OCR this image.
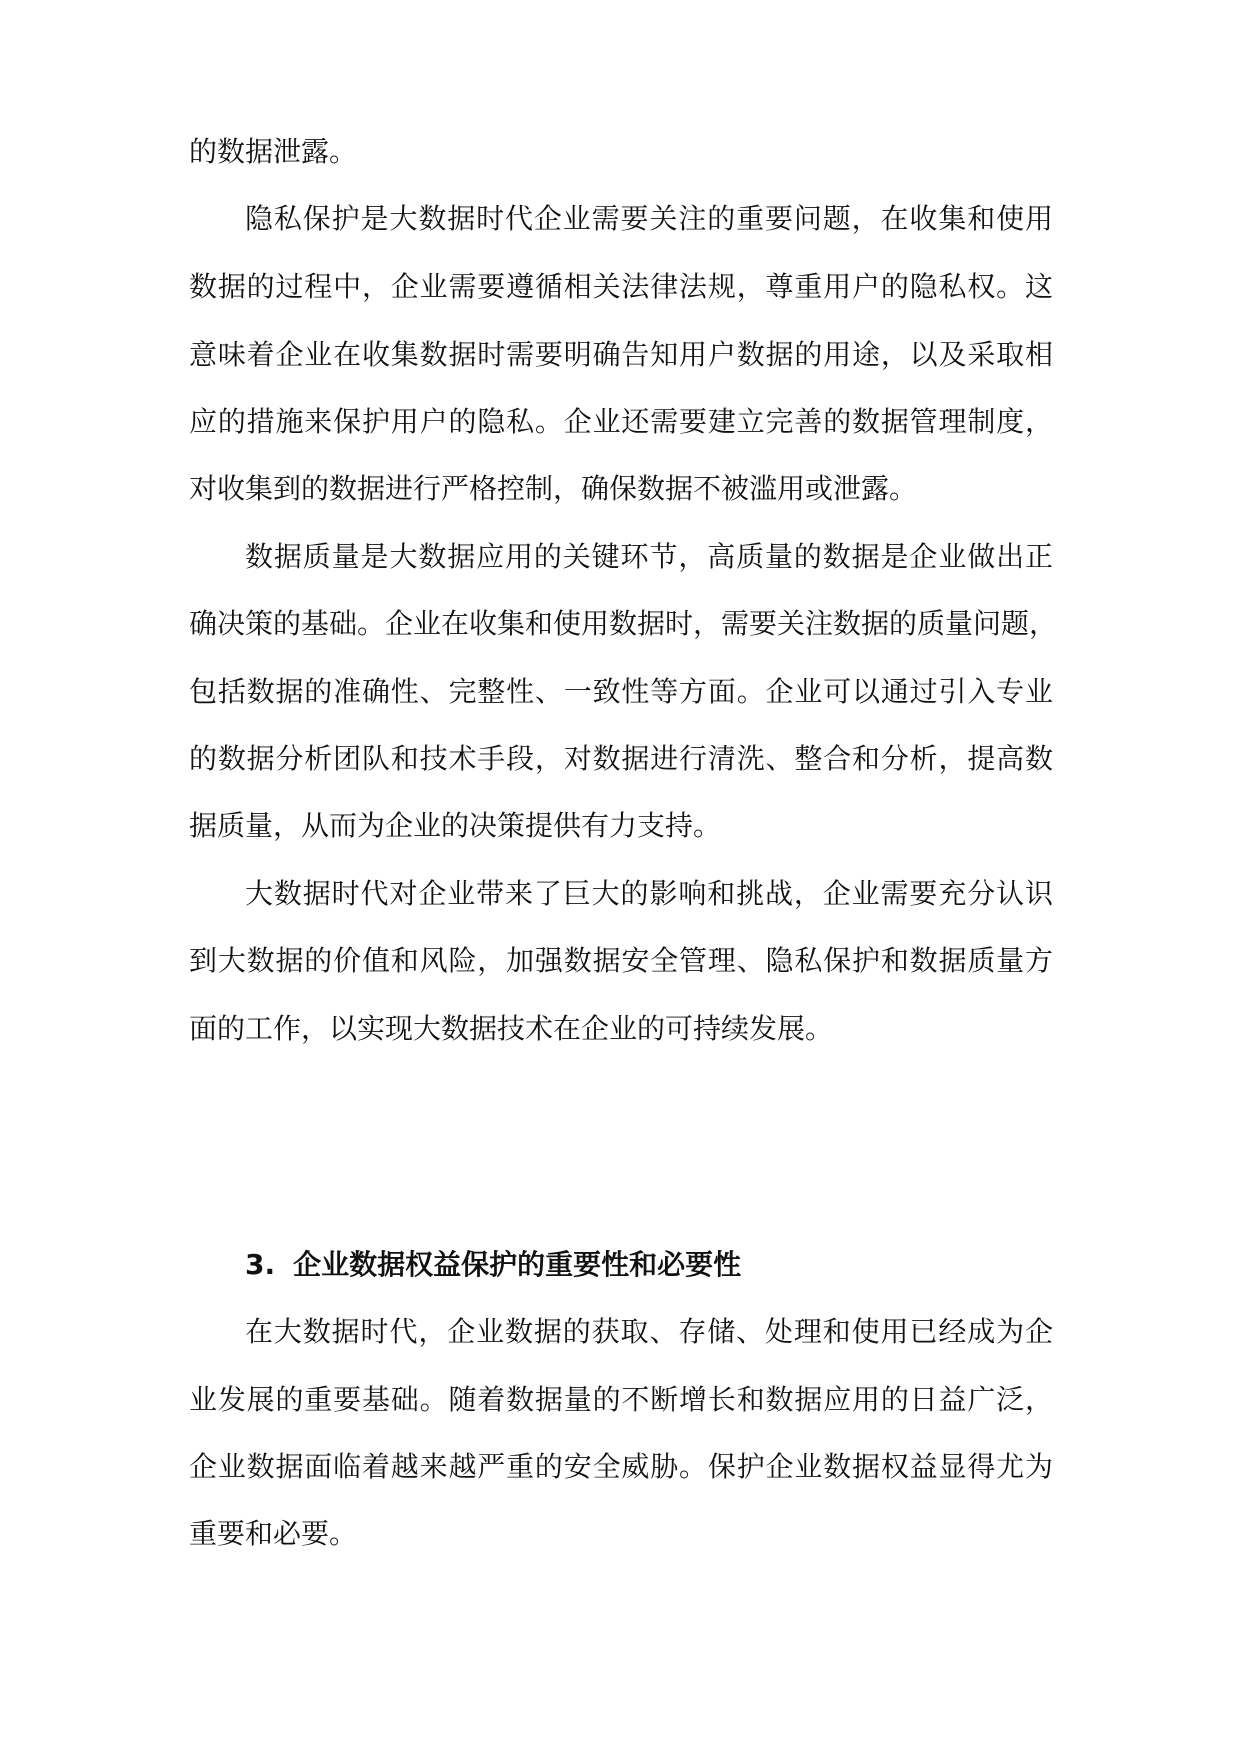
的数据泄露。
隐私保护是大数据时代企业需要关注的重要问题，在收集和使用
数据的过程中，企业需要遵循相关法律法规，尊重用户的隐私权。这
意味着企业在收集数据时需要明确告知用户数据的用途，以及采取相
应的措施来保护用户的隐私。企业还需要建立完善的数据管理制度，
对收集到的数据进行严格控制，确保数据不被滥用或泄露。
数据质量是大数据应用的关键环节，高质量的数据是企业做出正
确决策的基础。企业在收集和使用数据时，需要关注数据的质量问题，
包括数据的准确性、完整性、一致性等方面。企业可以通过引入专业
的数据分析团队和技术手段，对数据进行清洗、整合和分析，提高数
据质量，从而为企业的决策提供有力支持。
大数据时代对企业带来了巨大的影响和挑战，企业需要充分认识
到大数据的价值和风险，加强数据安全管理、隐私保护和数据质量方
面的工作，以实现大数据技术在企业的可持续发展。
3. 企业数据权益保护的重要性和必要性
在大数据时代，企业数据的获取、存储、处理和使用已经成为企
业发展的重要基础。随着数据量的不断增长和数据应用的日益广泛，
企业数据面临着越来越严重的安全威胁。保护企业数据权益显得尤为
重要和必要。
